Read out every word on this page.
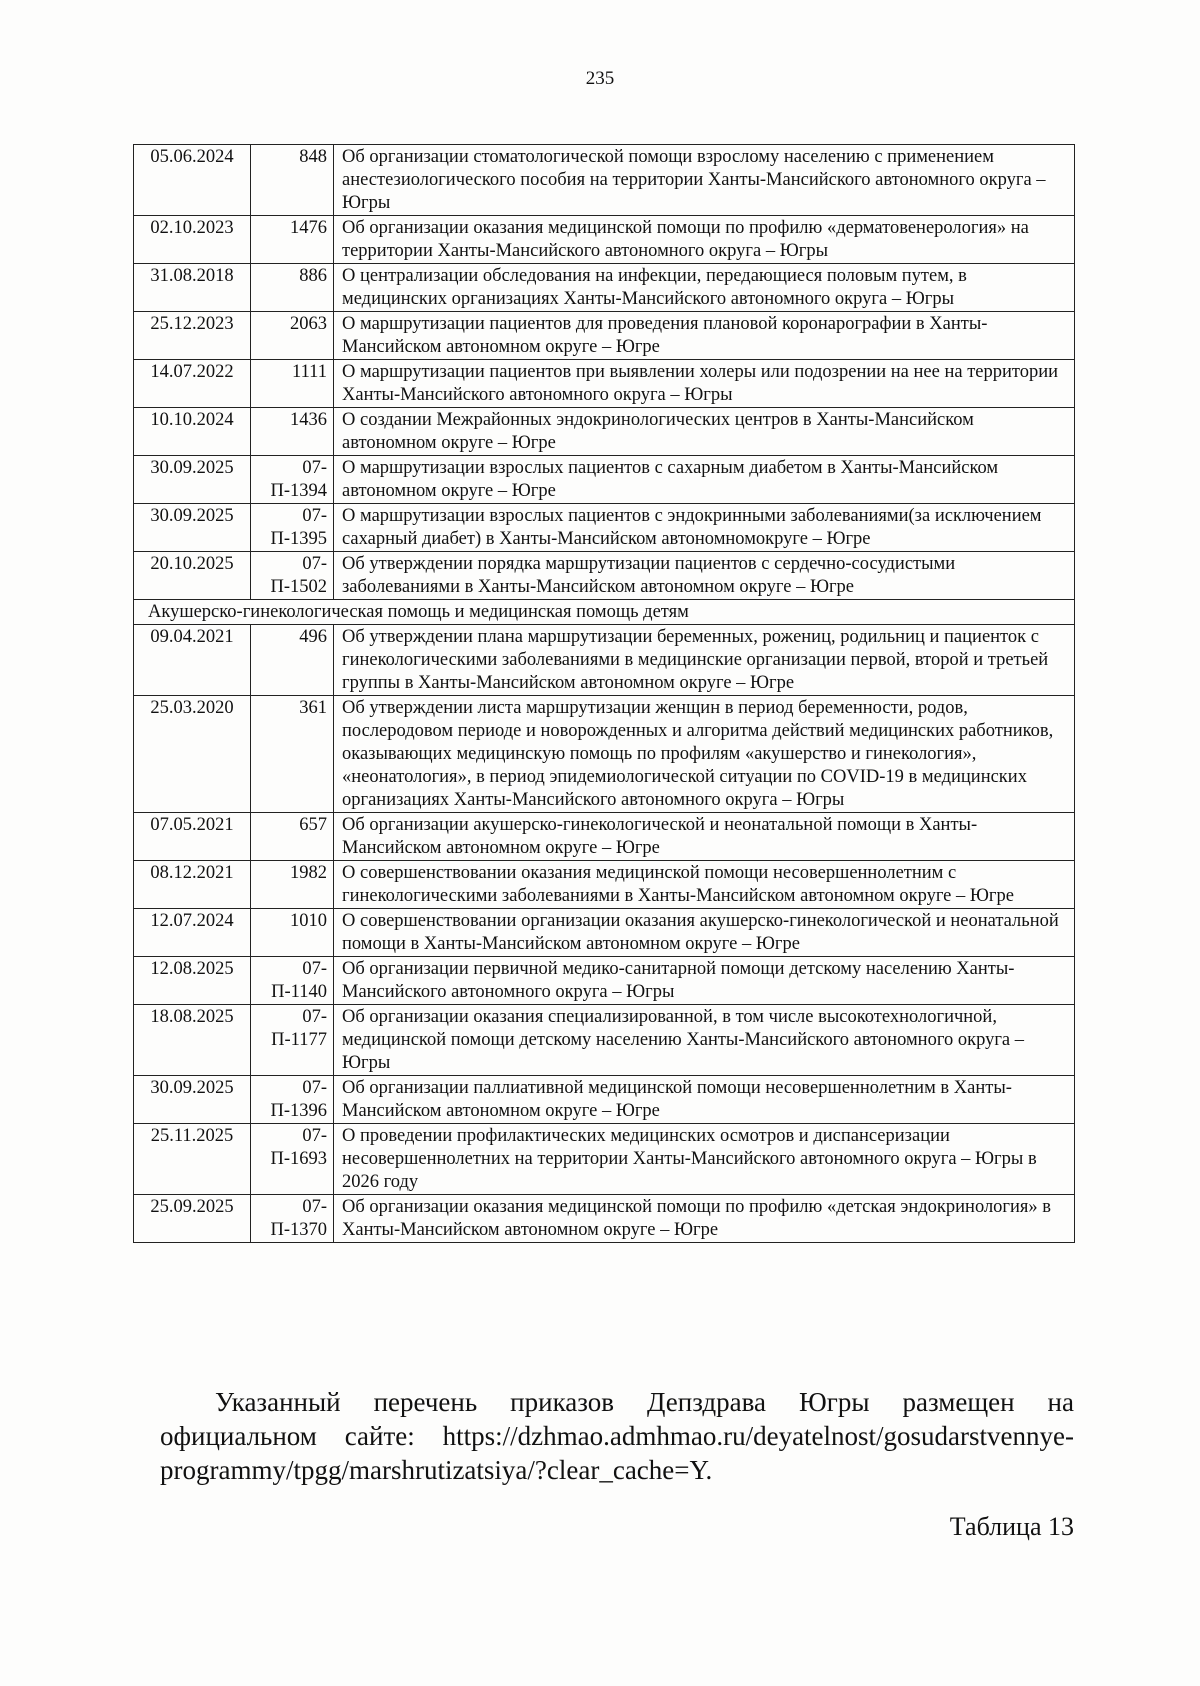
235
05.06.2024	848	Об организации стоматологической помощи взрослому населению с применением анестезиологического пособия на территории Ханты-Мансийского автономного округа – Югры
02.10.2023	1476	Об организации оказания медицинской помощи по профилю «дерматовенерология» на территории Ханты-Мансийского автономного округа – Югры
31.08.2018	886	О централизации обследования на инфекции, передающиеся половым путем, в медицинских организациях Ханты-Мансийского автономного округа – Югры
25.12.2023	2063	О маршрутизации пациентов для проведения плановой коронарографии в Ханты-Мансийском автономном округе – Югре
14.07.2022	1111	О маршрутизации пациентов при выявлении холеры или подозрении на нее на территории Ханты-Мансийского автономного округа – Югры
10.10.2024	1436	О создании Межрайонных эндокринологических центров в Ханты-Мансийском автономном округе – Югре
30.09.2025	07-П-1394	О маршрутизации взрослых пациентов с сахарным диабетом в Ханты-Мансийском автономном округе – Югре
30.09.2025	07-П-1395	О маршрутизации взрослых пациентов с эндокринными заболеваниями(за исключением сахарный диабет) в Ханты-Мансийском автономномокруге – Югре
20.10.2025	07-П-1502	Об утверждении порядка маршрутизации пациентов с сердечно-сосудистыми заболеваниями в Ханты-Мансийском автономном округе – Югре
Акушерско-гинекологическая помощь и медицинская помощь детям		
09.04.2021	496	Об утверждении плана маршрутизации беременных, рожениц, родильниц и пациенток с гинекологическими заболеваниями в медицинские организации первой, второй и третьей группы в Ханты-Мансийском автономном округе – Югре
25.03.2020	361	Об утверждении листа маршрутизации женщин в период беременности, родов, послеродовом периоде и новорожденных и алгоритма действий медицинских работников, оказывающих медицинскую помощь по профилям «акушерство и гинекология», «неонатология», в период эпидемиологической ситуации по COVID-19 в медицинских организациях Ханты-Мансийского автономного округа – Югры
07.05.2021	657	Об организации акушерско-гинекологической и неонатальной помощи в Ханты-Мансийском автономном округе – Югре
08.12.2021	1982	О совершенствовании оказания медицинской помощи несовершеннолетним с гинекологическими заболеваниями в Ханты-Мансийском автономном округе – Югре
12.07.2024	1010	О совершенствовании организации оказания акушерско-гинекологической и неонатальной помощи в Ханты-Мансийском автономном округе – Югре
12.08.2025	07-П-1140	Об организации первичной медико-санитарной помощи детскому населению Ханты-Мансийского автономного округа – Югры
18.08.2025	07-П-1177	Об организации оказания специализированной, в том числе высокотехнологичной, медицинской помощи детскому населению Ханты-Мансийского автономного округа – Югры
30.09.2025	07-П-1396	Об организации паллиативной медицинской помощи несовершеннолетним в Ханты-Мансийском автономном округе – Югре
25.11.2025	07-П-1693	О проведении профилактических медицинских осмотров и диспансеризации несовершеннолетних на территории Ханты-Мансийского автономного округа – Югры в 2026 году
25.09.2025	07-П-1370	Об организации оказания медицинской помощи по профилю «детская эндокринология» в Ханты-Мансийском автономном округе – Югре
Указанный перечень приказов Депздрава Югры размещен на официальном сайте: https://dzhmao.admhmao.ru/deyatelnost/gosudarstvennye-programmy/tpgg/marshrutizatsiya/?clear_cache=Y.
Таблица 13
